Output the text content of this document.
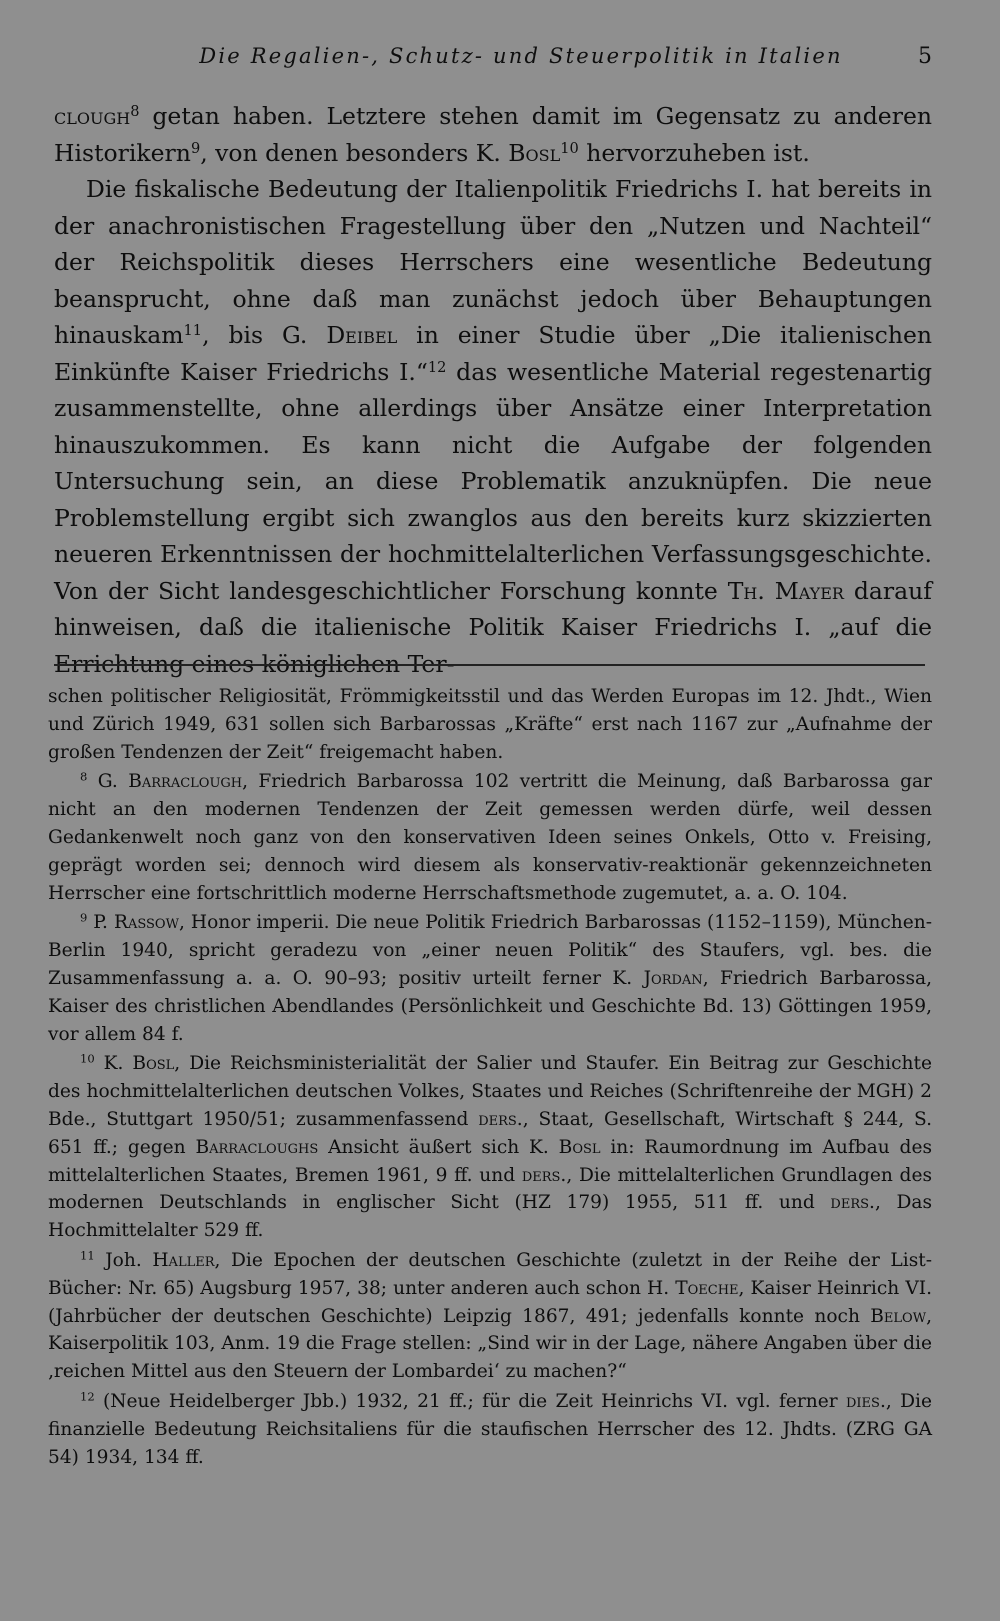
Die Regalien-, Schutz- und Steuerpolitik in Italien	5

clough$^8$ getan haben. Letztere stehen damit im Gegensatz zu anderen Historikern$^9$, von denen besonders K. Bosl$^{10}$ hervorzuheben ist.

Die fiskalische Bedeutung der Italienpolitik Friedrichs I. hat bereits in der anachronistischen Fragestellung über den „Nutzen und Nachteil“ der Reichspolitik dieses Herrschers eine wesentliche Bedeutung beansprucht, ohne daß man zunächst jedoch über Behauptungen hinauskam$^{11}$, bis G. Deibel in einer Studie über „Die italienischen Einkünfte Kaiser Friedrichs I.“$^{12}$ das wesentliche Material regestenartig zusammenstellte, ohne allerdings über Ansätze einer Interpretation hinauszukommen. Es kann nicht die Aufgabe der folgenden Untersuchung sein, an diese Problematik anzuknüpfen. Die neue Problemstellung ergibt sich zwanglos aus den bereits kurz skizzierten neueren Erkenntnissen der hochmittelalterlichen Verfassungsgeschichte. Von der Sicht landesgeschichtlicher Forschung konnte Th. Mayer darauf hinweisen, daß die italienische Politik Kaiser Friedrichs I. „auf die Errichtung eines königlichen Ter-

schen politischer Religiosität, Frömmigkeitsstil und das Werden Europas im 12. Jhdt., Wien und Zürich 1949, 631 sollen sich Barbarossas „Kräfte“ erst nach 1167 zur „Aufnahme der großen Tendenzen der Zeit“ freigemacht haben.

$^8$ G. Barraclough, Friedrich Barbarossa 102 vertritt die Meinung, daß Barbarossa gar nicht an den modernen Tendenzen der Zeit gemessen werden dürfe, weil dessen Gedankenwelt noch ganz von den konservativen Ideen seines Onkels, Otto v. Freising, geprägt worden sei; dennoch wird diesem als konservativ-reaktionär gekennzeichneten Herrscher eine fortschrittlich moderne Herrschaftsmethode zugemutet, a. a. O. 104.

$^9$ P. Rassow, Honor imperii. Die neue Politik Friedrich Barbarossas (1152–1159), München-Berlin 1940, spricht geradezu von „einer neuen Politik“ des Staufers, vgl. bes. die Zusammenfassung a. a. O. 90–93; positiv urteilt ferner K. Jordan, Friedrich Barbarossa, Kaiser des christlichen Abendlandes (Persönlichkeit und Geschichte Bd. 13) Göttingen 1959, vor allem 84 f.

$^{10}$ K. Bosl, Die Reichsministerialität der Salier und Staufer. Ein Beitrag zur Geschichte des hochmittelalterlichen deutschen Volkes, Staates und Reiches (Schriftenreihe der MGH) 2 Bde., Stuttgart 1950/51; zusammenfassend ders., Staat, Gesellschaft, Wirtschaft § 244, S. 651 ff.; gegen Barracloughs Ansicht äußert sich K. Bosl in: Raumordnung im Aufbau des mittelalterlichen Staates, Bremen 1961, 9 ff. und ders., Die mittelalterlichen Grundlagen des modernen Deutschlands in englischer Sicht (HZ 179) 1955, 511 ff. und ders., Das Hochmittelalter 529 ff.

$^{11}$ Joh. Haller, Die Epochen der deutschen Geschichte (zuletzt in der Reihe der List-Bücher: Nr. 65) Augsburg 1957, 38; unter anderen auch schon H. Toeche, Kaiser Heinrich VI. (Jahrbücher der deutschen Geschichte) Leipzig 1867, 491; jedenfalls konnte noch Below, Kaiserpolitik 103, Anm. 19 die Frage stellen: „Sind wir in der Lage, nähere Angaben über die ‚reichen Mittel aus den Steuern der Lombardei‘ zu machen?“

$^{12}$ (Neue Heidelberger Jbb.) 1932, 21 ff.; für die Zeit Heinrichs VI. vgl. ferner dies., Die finanzielle Bedeutung Reichsitaliens für die staufischen Herrscher des 12. Jhdts. (ZRG GA 54) 1934, 134 ff.
